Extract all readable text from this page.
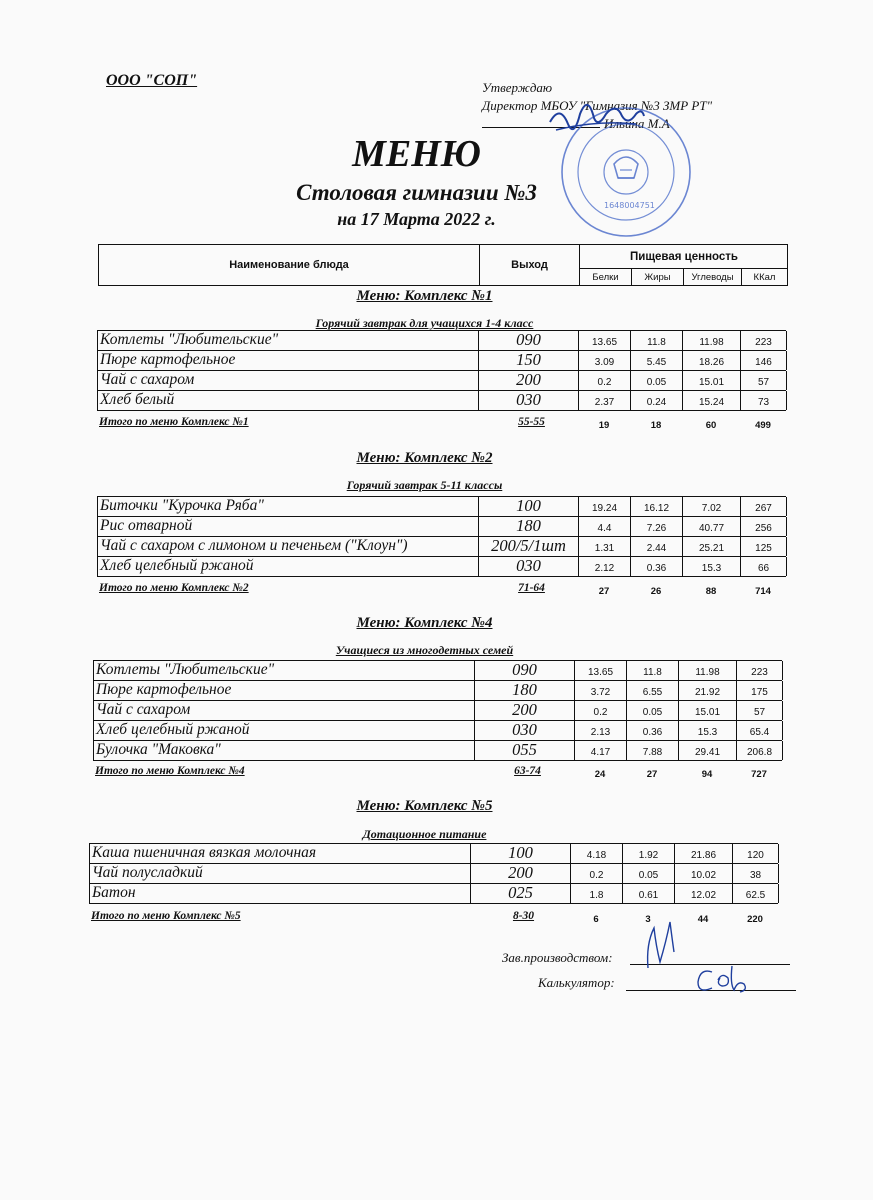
ООО "СОП"	Утверждаю
Директор МБОУ "Гимназия №3 ЗМР РТ"
Ильина М.А
1648004751
МЕНЮ
Столовая гимназии №3
на 17 Марта 2022 г.
Наименование блюда	Выход
Пищевая ценность
Белки	Жиры	Углеводы	ККал
Меню: Комплекс №1
Горячий завтрак для учащихся 1-4 класс
Котлеты "Любительские"	090	13.65	11.8	11.98	223
Пюре картофельное	150	3.09	5.45	18.26	146
Чай с сахаром	200	0.2	0.05	15.01	57
Хлеб белый	030	2.37	0.24	15.24	73
Итого по меню Комплекс №1	55-55	19	18	60	499
Меню: Комплекс №2
Горячий завтрак 5-11 классы
Биточки "Курочка Ряба"	100	19.24	16.12	7.02	267
Рис отварной	180	4.4	7.26	40.77	256
Чай с сахаром с лимоном и печеньем ("Клоун")	200/5/1шт	1.31	2.44	25.21	125
Хлеб целебный ржаной	030	2.12	0.36	15.3	66
Итого по меню Комплекс №2	71-64	27	26	88	714
Меню: Комплекс №4
Учащиеся из многодетных семей
Котлеты "Любительские"	090	13.65	11.8	11.98	223
Пюре картофельное	180	3.72	6.55	21.92	175
Чай с сахаром	200	0.2	0.05	15.01	57
Хлеб целебный ржаной	030	2.13	0.36	15.3	65.4
Булочка "Маковка"	055	4.17	7.88	29.41	206.8
Итого по меню Комплекс №4	63-74	24	27	94	727
Меню: Комплекс №5
Дотационное питание
Каша пшеничная вязкая молочная	100	4.18	1.92	21.86	120
Чай полусладкий	200	0.2	0.05	10.02	38
Батон	025	1.8	0.61	12.02	62.5
Итого по меню Комплекс №5	8-30	6	3	44	220
Зав.производством:
Калькулятор:
